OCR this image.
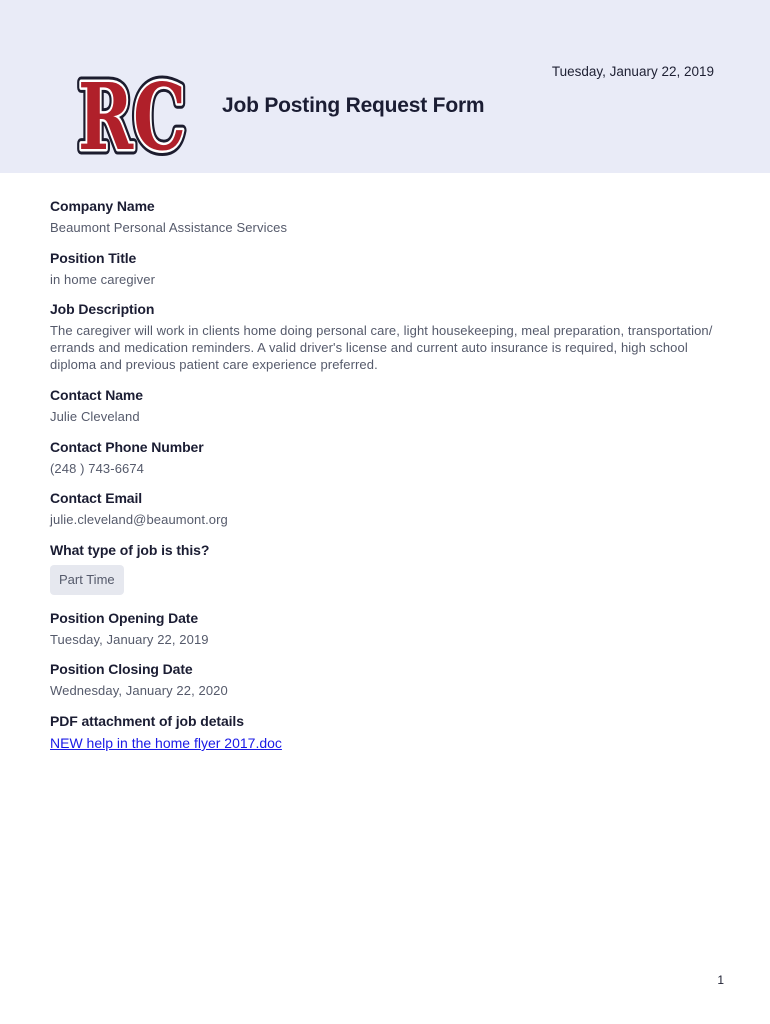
RC
RC
RC Job Posting Request Form
Tuesday, January 22, 2019
Company Name
Beaumont Personal Assistance Services
Position Title
in home caregiver
Job Description
The caregiver will work in clients home doing personal care, light housekeeping, meal preparation, transportation/ errands and medication reminders. A valid driver's license and current auto insurance is required, high school diploma and previous patient care experience preferred.
Contact Name
Julie Cleveland
Contact Phone Number
(248 ) 743-6674
Contact Email
julie.cleveland@beaumont.org
What type of job is this?
Part Time
Position Opening Date
Tuesday, January 22, 2019
Position Closing Date
Wednesday, January 22, 2020
PDF attachment of job details
NEW help in the home flyer 2017.doc
1
